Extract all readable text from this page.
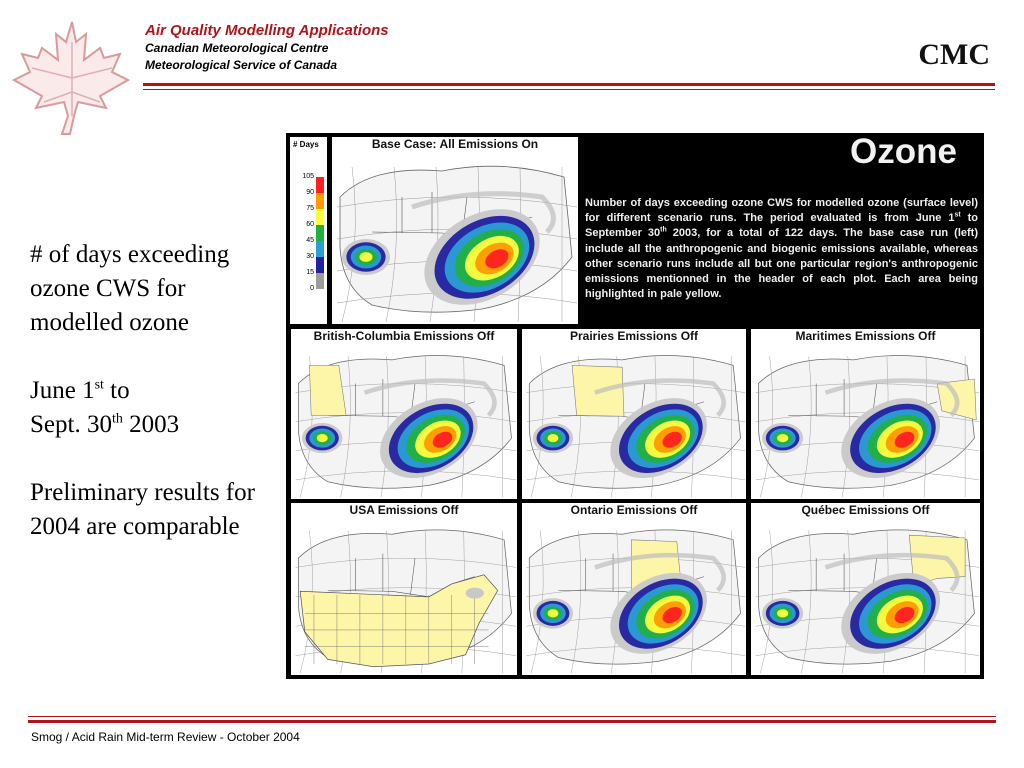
Air Quality Modelling Applications
Canadian Meteorological Centre
Meteorological Service of Canada	CMC

# of days exceeding ozone CWS for modelled ozone

June 1st to
Sept. 30th 2003

Preliminary results for 2004 are comparable

Ozone
Number of days exceeding ozone CWS for modelled ozone (surface level) for different scenario runs. The period evaluated is from June 1st to September 30th 2003, for a total of 122 days. The base case run (left) include all the anthropogenic and biogenic emissions available, whereas other scenario runs include all but one particular region's anthropogenic emissions mentionned in the header of each plot. Each area being highlighted in pale yellow.
# Days
105
90
75
60
45
30
15
0
Base Case: All Emissions On
British-Columbia Emissions Off	Prairies Emissions Off	Maritimes Emissions Off
USA Emissions Off	Ontario Emissions Off	Québec Emissions Off
Smog / Acid Rain Mid-term Review - October 2004
